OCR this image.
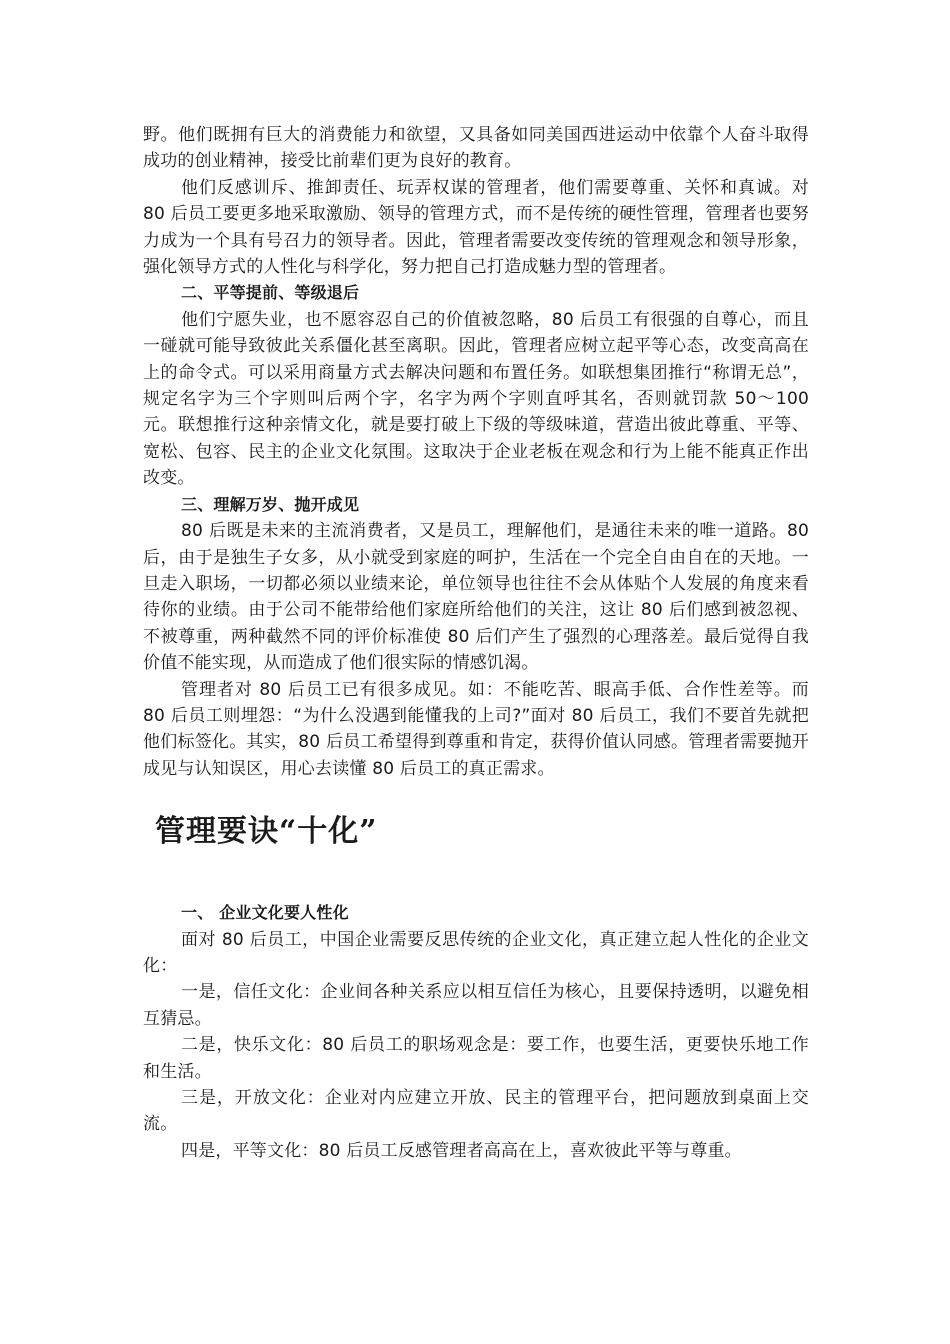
野。他们既拥有巨大的消费能力和欲望，又具备如同美国西进运动中依靠个人奋斗取得成功的创业精神，接受比前辈们更为良好的教育。

他们反感训斥、推卸责任、玩弄权谋的管理者，他们需要尊重、关怀和真诚。对 80 后员工要更多地采取激励、领导的管理方式，而不是传统的硬性管理，管理者也要努力成为一个具有号召力的领导者。因此，管理者需要改变传统的管理观念和领导形象，强化领导方式的人性化与科学化，努力把自己打造成魅力型的管理者。

二、平等提前、等级退后

他们宁愿失业，也不愿容忍自己的价值被忽略，80 后员工有很强的自尊心，而且一碰就可能导致彼此关系僵化甚至离职。因此，管理者应树立起平等心态，改变高高在上的命令式。可以采用商量方式去解决问题和布置任务。如联想集团推行“称谓无总”，规定名字为三个字则叫后两个字，名字为两个字则直呼其名，否则就罚款 50～100 元。联想推行这种亲情文化，就是要打破上下级的等级味道，营造出彼此尊重、平等、宽松、包容、民主的企业文化氛围。这取决于企业老板在观念和行为上能不能真正作出改变。

三、理解万岁、抛开成见

80 后既是未来的主流消费者，又是员工，理解他们，是通往未来的唯一道路。80 后，由于是独生子女多，从小就受到家庭的呵护，生活在一个完全自由自在的天地。一旦走入职场，一切都必须以业绩来论，单位领导也往往不会从体贴个人发展的角度来看待你的业绩。由于公司不能带给他们家庭所给他们的关注，这让 80 后们感到被忽视、不被尊重，两种截然不同的评价标准使 80 后们产生了强烈的心理落差。最后觉得自我价值不能实现，从而造成了他们很实际的情感饥渴。

管理者对 80 后员工已有很多成见。如：不能吃苦、眼高手低、合作性差等。而 80 后员工则埋怨：“为什么没遇到能懂我的上司?”面对 80 后员工，我们不要首先就把他们标签化。其实，80 后员工希望得到尊重和肯定，获得价值认同感。管理者需要抛开成见与认知误区，用心去读懂 80 后员工的真正需求。

管理要诀“十化”

一、 企业文化要人性化

面对 80 后员工，中国企业需要反思传统的企业文化，真正建立起人性化的企业文化：

一是，信任文化：企业间各种关系应以相互信任为核心，且要保持透明，以避免相互猜忌。

二是，快乐文化：80 后员工的职场观念是：要工作，也要生活，更要快乐地工作和生活。

三是，开放文化：企业对内应建立开放、民主的管理平台，把问题放到桌面上交流。

四是，平等文化：80 后员工反感管理者高高在上，喜欢彼此平等与尊重。
